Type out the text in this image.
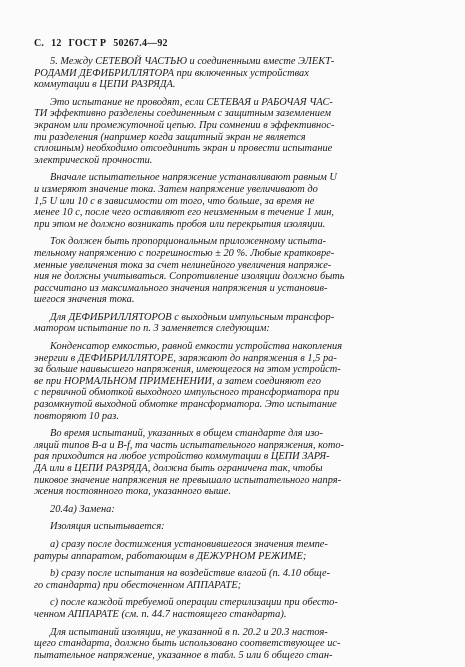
С. 12 ГОСТ Р 50267.4—92
5. Между СЕТЕВОЙ ЧАСТЬЮ и соединенными вместе ЭЛЕКТ-
РОДАМИ ДЕФИБРИЛЛЯТОРА при включенных устройствах
коммутации в ЦЕПИ РАЗРЯДА.
Это испытание не проводят, если СЕТЕВАЯ и РАБОЧАЯ ЧАС-
ТИ эффективно разделены соединенным с защитным заземлением
экраном или промежуточной цепью. При сомнении в эффективнос-
ти разделения (например когда защитный экран не является
сплошным) необходимо отсоединить экран и провести испытание
электрической прочности.
Вначале испытательное напряжение устанавливают равным U
и измеряют значение тока. Затем напряжение увеличивают до
1,5 U или 10 с в зависимости от того, что больше, за время не
менее 10 с, после чего оставляют его неизменным в течение 1 мин,
при этом не должно возникать пробоя или перекрытия изоляции.
Ток должен быть пропорциональным приложенному испыта-
тельному напряжению с погрешностью ± 20 %. Любые кратковре-
менные увеличения тока за счет нелинейного увеличения напряже-
ния не должны учитываться. Сопротивление изоляции должно быть
рассчитано из максимального значения напряжения и установив-
шегося значения тока.
Для ДЕФИБРИЛЛЯТОРОВ с выходным импульсным трансфор-
матором испытание по п. 3 заменяется следующим:
Конденсатор емкостью, равной емкости устройства накопления
энергии в ДЕФИБРИЛЛЯТОРЕ, заряжают до напряжения в 1,5 ра-
за больше наивысшего напряжения, имеющегося на этом устройст-
ве при НОРМАЛЬНОМ ПРИМЕНЕНИИ, а затем соединяют его
с первичной обмоткой выходного импульсного трансформатора при
разомкнутой выходной обмотке трансформатора. Это испытание
повторяют 10 раз.
Во время испытаний, указанных в общем стандарте для изо-
ляций типов В-а и В-f, та часть испытательного напряжения, кото-
рая приходится на любое устройство коммутации в ЦЕПИ ЗАРЯ-
ДА или в ЦЕПИ РАЗРЯДА, должна быть ограничена так, чтобы
пиковое значение напряжения не превышало испытательного напря-
жения постоянного тока, указанного выше.
20.4а) Замена:
Изоляция испытывается:
а) сразу после достижения установившегося значения темпе-
ратуры аппаратом, работающим в ДЕЖУРНОМ РЕЖИМЕ;
b) сразу после испытания на воздействие влагой (п. 4.10 обще-
го стандарта) при обесточенном АППАРАТЕ;
с) после каждой требуемой операции стерилизации при обесто-
ченном АППАРАТЕ (см. п. 44.7 настоящего стандарта).
Для испытаний изоляции, не указанной в п. 20.2 и 20.3 настоя-
щего стандарта, должно быть использовано соответствующее ис-
пытательное напряжение, указанное в табл. 5 или 6 общего стан-
